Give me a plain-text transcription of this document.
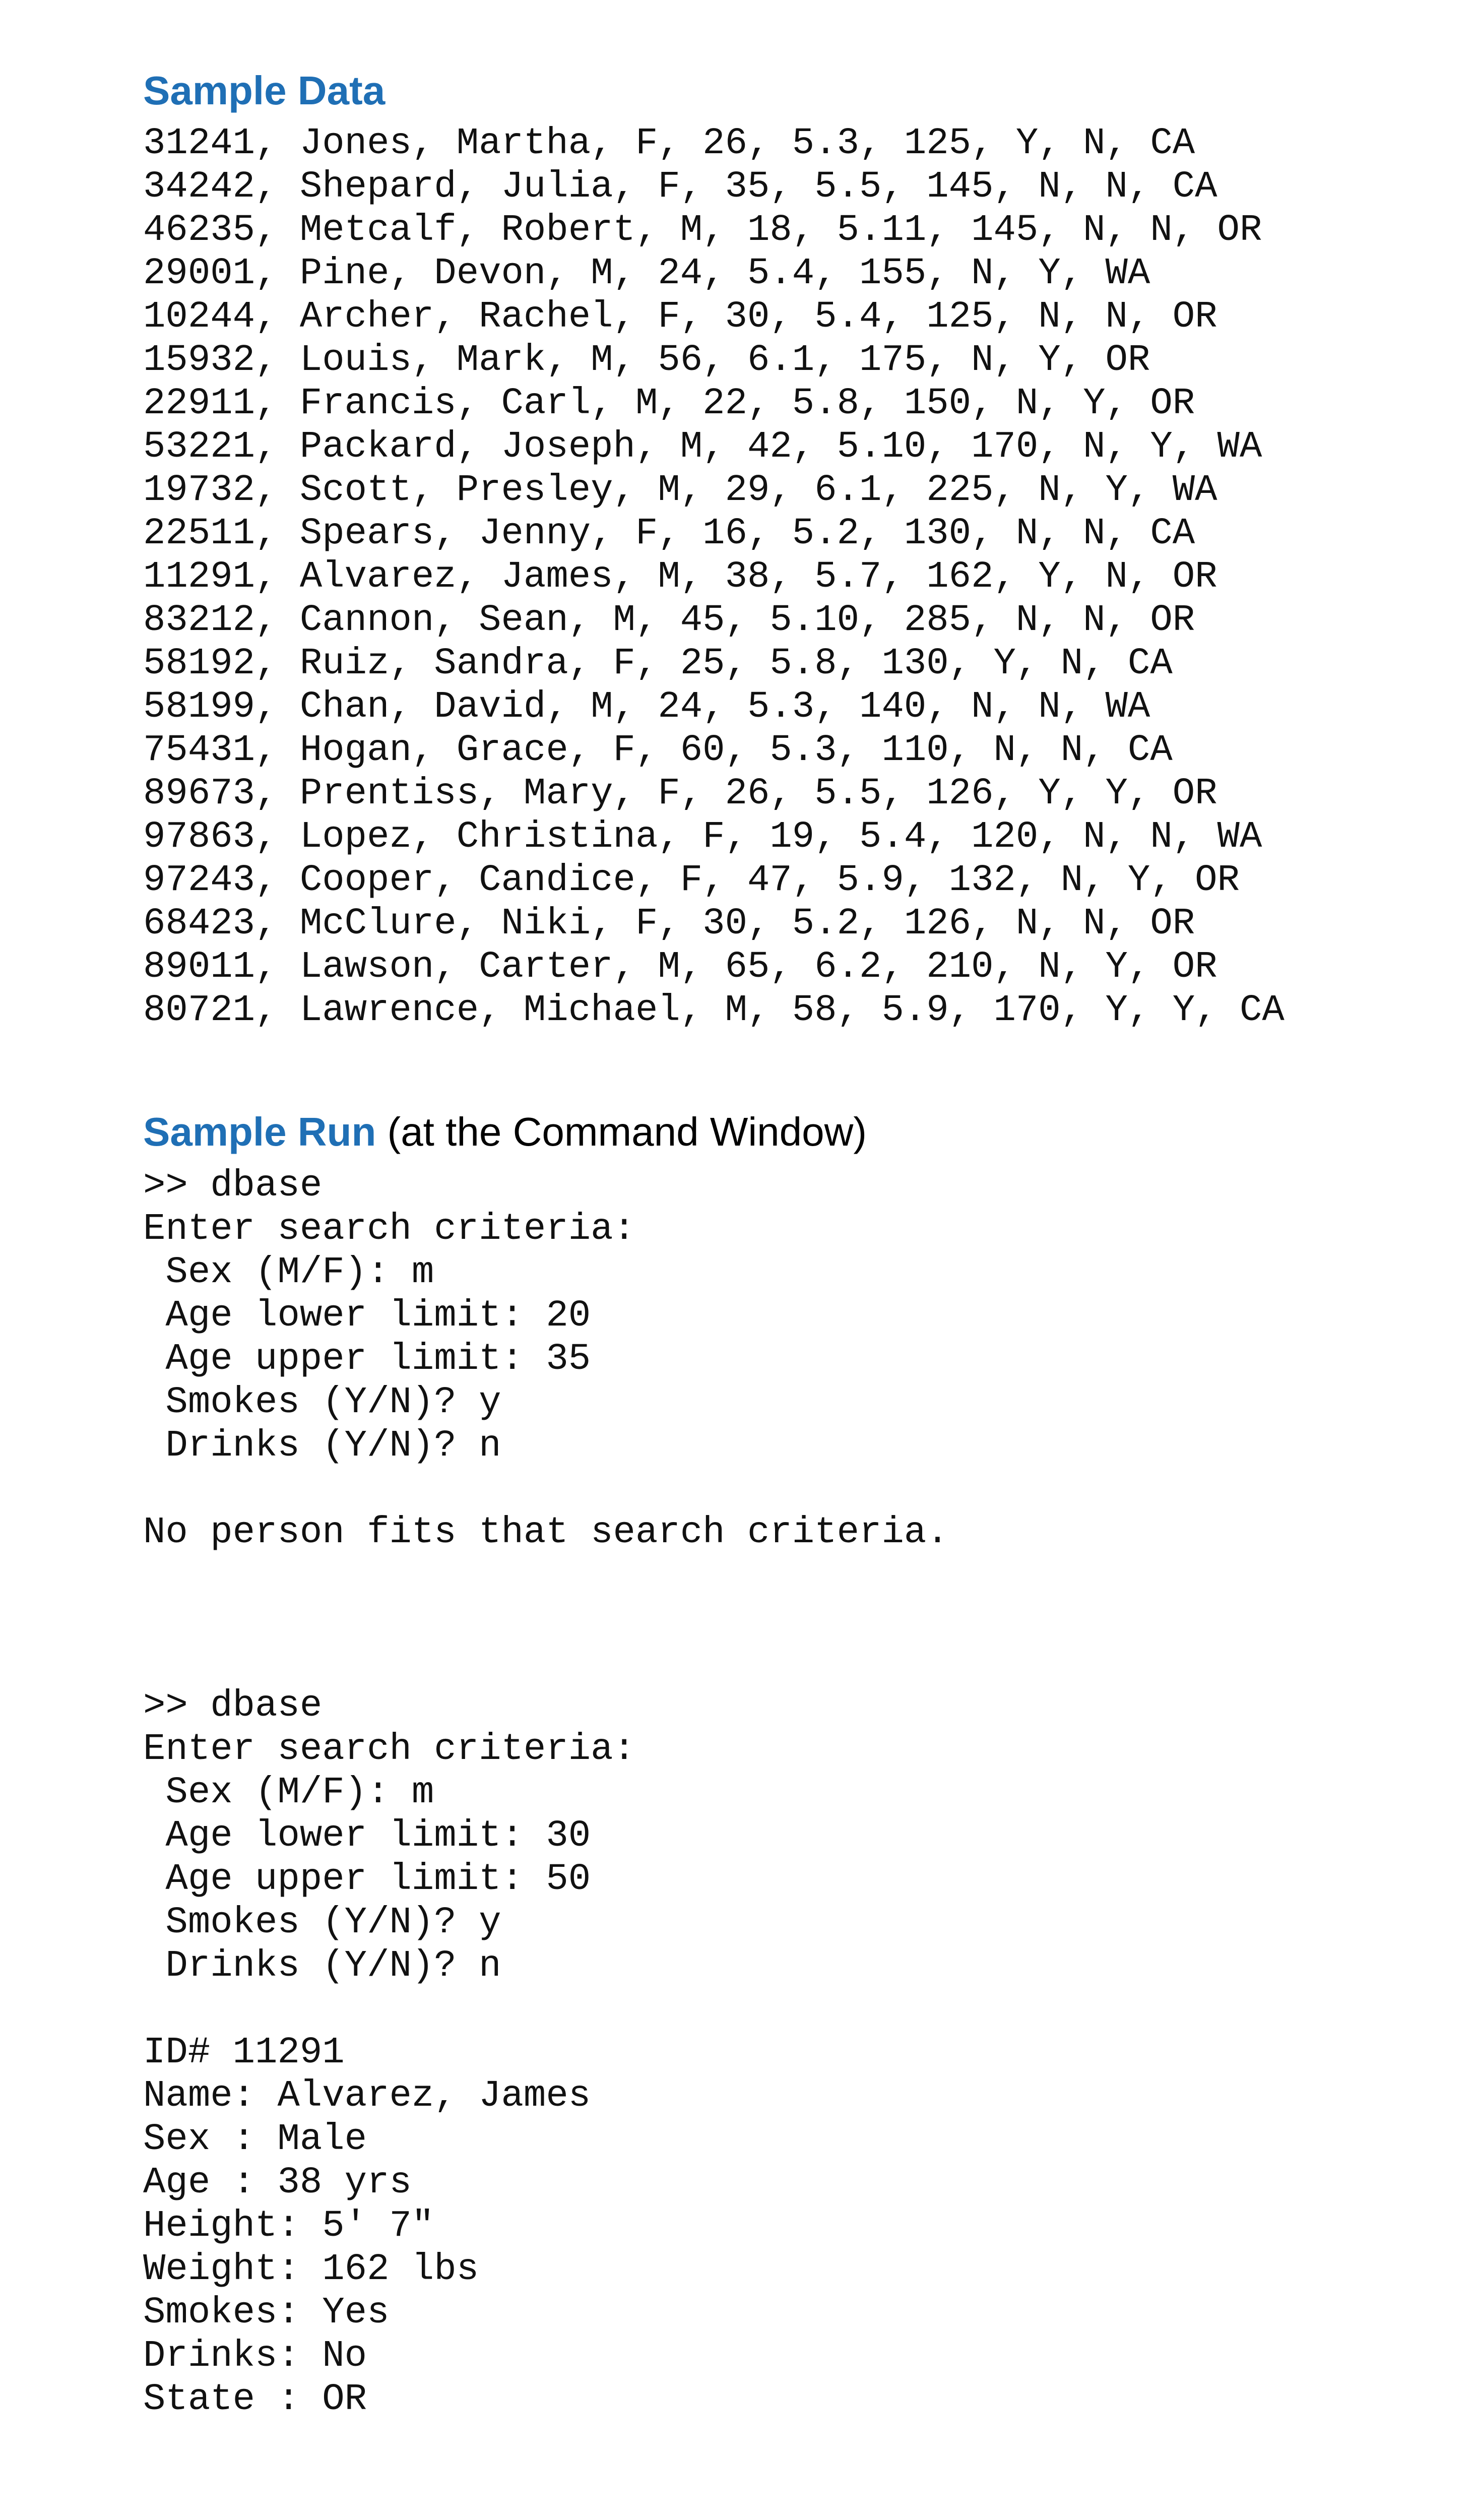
Sample Data
31241, Jones, Martha, F, 26, 5.3, 125, Y, N, CA
34242, Shepard, Julia, F, 35, 5.5, 145, N, N, CA
46235, Metcalf, Robert, M, 18, 5.11, 145, N, N, OR
29001, Pine, Devon, M, 24, 5.4, 155, N, Y, WA
10244, Archer, Rachel, F, 30, 5.4, 125, N, N, OR
15932, Louis, Mark, M, 56, 6.1, 175, N, Y, OR
22911, Francis, Carl, M, 22, 5.8, 150, N, Y, OR
53221, Packard, Joseph, M, 42, 5.10, 170, N, Y, WA
19732, Scott, Presley, M, 29, 6.1, 225, N, Y, WA
22511, Spears, Jenny, F, 16, 5.2, 130, N, N, CA
11291, Alvarez, James, M, 38, 5.7, 162, Y, N, OR
83212, Cannon, Sean, M, 45, 5.10, 285, N, N, OR
58192, Ruiz, Sandra, F, 25, 5.8, 130, Y, N, CA
58199, Chan, David, M, 24, 5.3, 140, N, N, WA
75431, Hogan, Grace, F, 60, 5.3, 110, N, N, CA
89673, Prentiss, Mary, F, 26, 5.5, 126, Y, Y, OR
97863, Lopez, Christina, F, 19, 5.4, 120, N, N, WA
97243, Cooper, Candice, F, 47, 5.9, 132, N, Y, OR
68423, McClure, Niki, F, 30, 5.2, 126, N, N, OR
89011, Lawson, Carter, M, 65, 6.2, 210, N, Y, OR
80721, Lawrence, Michael, M, 58, 5.9, 170, Y, Y, CA
Sample Run (at the Command Window)
>> dbase
Enter search criteria:
Sex (M/F): m
Age lower limit: 20
Age upper limit: 35
Smokes (Y/N)? y
Drinks (Y/N)? n
No person fits that search criteria.
>> dbase
Enter search criteria:
Sex (M/F): m
Age lower limit: 30
Age upper limit: 50
Smokes (Y/N)? y
Drinks (Y/N)? n
ID# 11291
Name: Alvarez, James
Sex : Male
Age : 38 yrs
Height: 5' 7"
Weight: 162 lbs
Smokes: Yes
Drinks: No
State : OR
